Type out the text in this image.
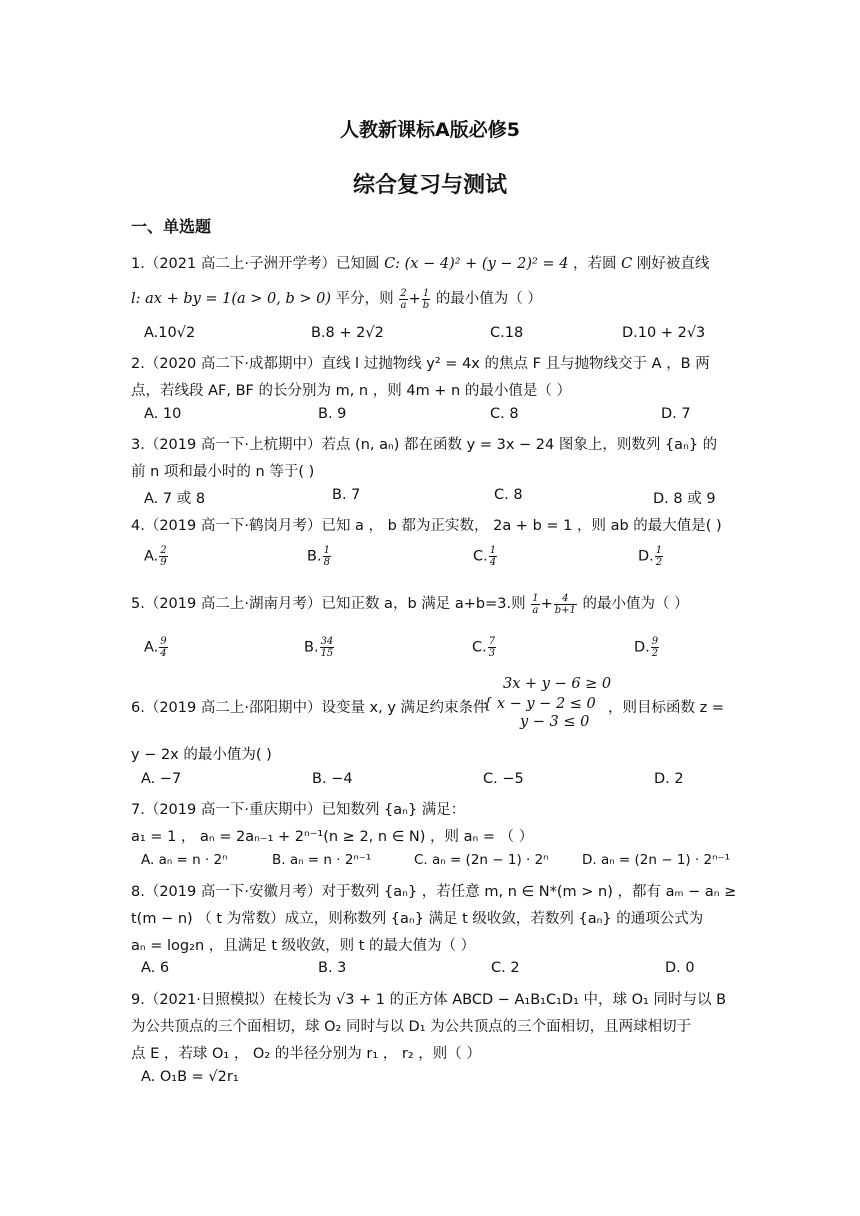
人教新课标A版必修5
综合复习与测试
一、单选题
1.（2021 高二上·子洲开学考）已知圆 C: (x − 4)² + (y − 2)² = 4 ，若圆 C 刚好被直线
l: ax + by = 1(a > 0, b > 0) 平分，则 $\frac{2}{a} + \frac{1}{b}$ 的最小值为（ ）
A.10√2	B.8 + 2√2	C.18	D.10 + 2√3
2.（2020 高二下·成都期中）直线 l 过抛物线 y² = 4x 的焦点 F 且与抛物线交于 A ，B 两
点，若线段 AF, BF 的长分别为 m, n ，则 4m + n 的最小值是（ ）
A. 10	B. 9	C. 8	D. 7
3.（2019 高一下·上杭期中）若点 (n, aₙ) 都在函数 y = 3x − 24 图象上，则数列 {aₙ} 的
前 n 项和最小时的 n 等于( )
A. 7 或 8	B. 7	C. 8	D. 8 或 9
4.（2019 高一下·鹤岗月考）已知 a ， b 都为正实数， 2a + b = 1 ，则 ab 的最大值是( )
A. $\frac{2}{9}$	B. $\frac{1}{8}$	C. $\frac{1}{4}$	D. $\frac{1}{2}$
5.（2019 高二上·湖南月考）已知正数 a，b 满足 a+b=3.则 $\frac{1}{a} + \frac{4}{b+1}$ 的最小值为（ ）
A. $\frac{9}{4}$	B. $\frac{34}{15}$	C. $\frac{7}{3}$	D. $\frac{9}{2}$
3x + y − 6 ≥ 0
6.（2019 高二上·邵阳期中）设变量 x, y 满足约束条件
{ x − y − 2 ≤ 0 ，则目标函数 z =
y − 3 ≤ 0
y − 2x 的最小值为( )
A. −7	B. −4	C. −5	D. 2
7.（2019 高一下·重庆期中）已知数列 {aₙ} 满足：
a₁ = 1 ， aₙ = 2aₙ₋₁ + 2ⁿ⁻¹(n ≥ 2, n ∈ N) ，则 aₙ = （ ）
A. aₙ = n · 2ⁿ	B. aₙ = n · 2ⁿ⁻¹	C. aₙ = (2n − 1) · 2ⁿ D. aₙ = (2n − 1) · 2ⁿ⁻¹
8.（2019 高一下·安徽月考）对于数列 {aₙ} ，若任意 m, n ∈ N*(m > n) ，都有 aₘ − aₙ ≥
t(m − n) （ t 为常数）成立，则称数列 {aₙ} 满足 t 级收敛，若数列 {aₙ} 的通项公式为
aₙ = log₂n ，且满足 t 级收敛，则 t 的最大值为（ ）
A. 6	B. 3	C. 2	D. 0
9.（2021·日照模拟）在棱长为 √3 + 1 的正方体 ABCD − A₁B₁C₁D₁ 中，球 O₁ 同时与以 B
为公共顶点的三个面相切，球 O₂ 同时与以 D₁ 为公共顶点的三个面相切，且两球相切于
点 E ，若球 O₁ ， O₂ 的半径分别为 r₁ ， r₂ ，则（ ）
A. O₁B = √2r₁
